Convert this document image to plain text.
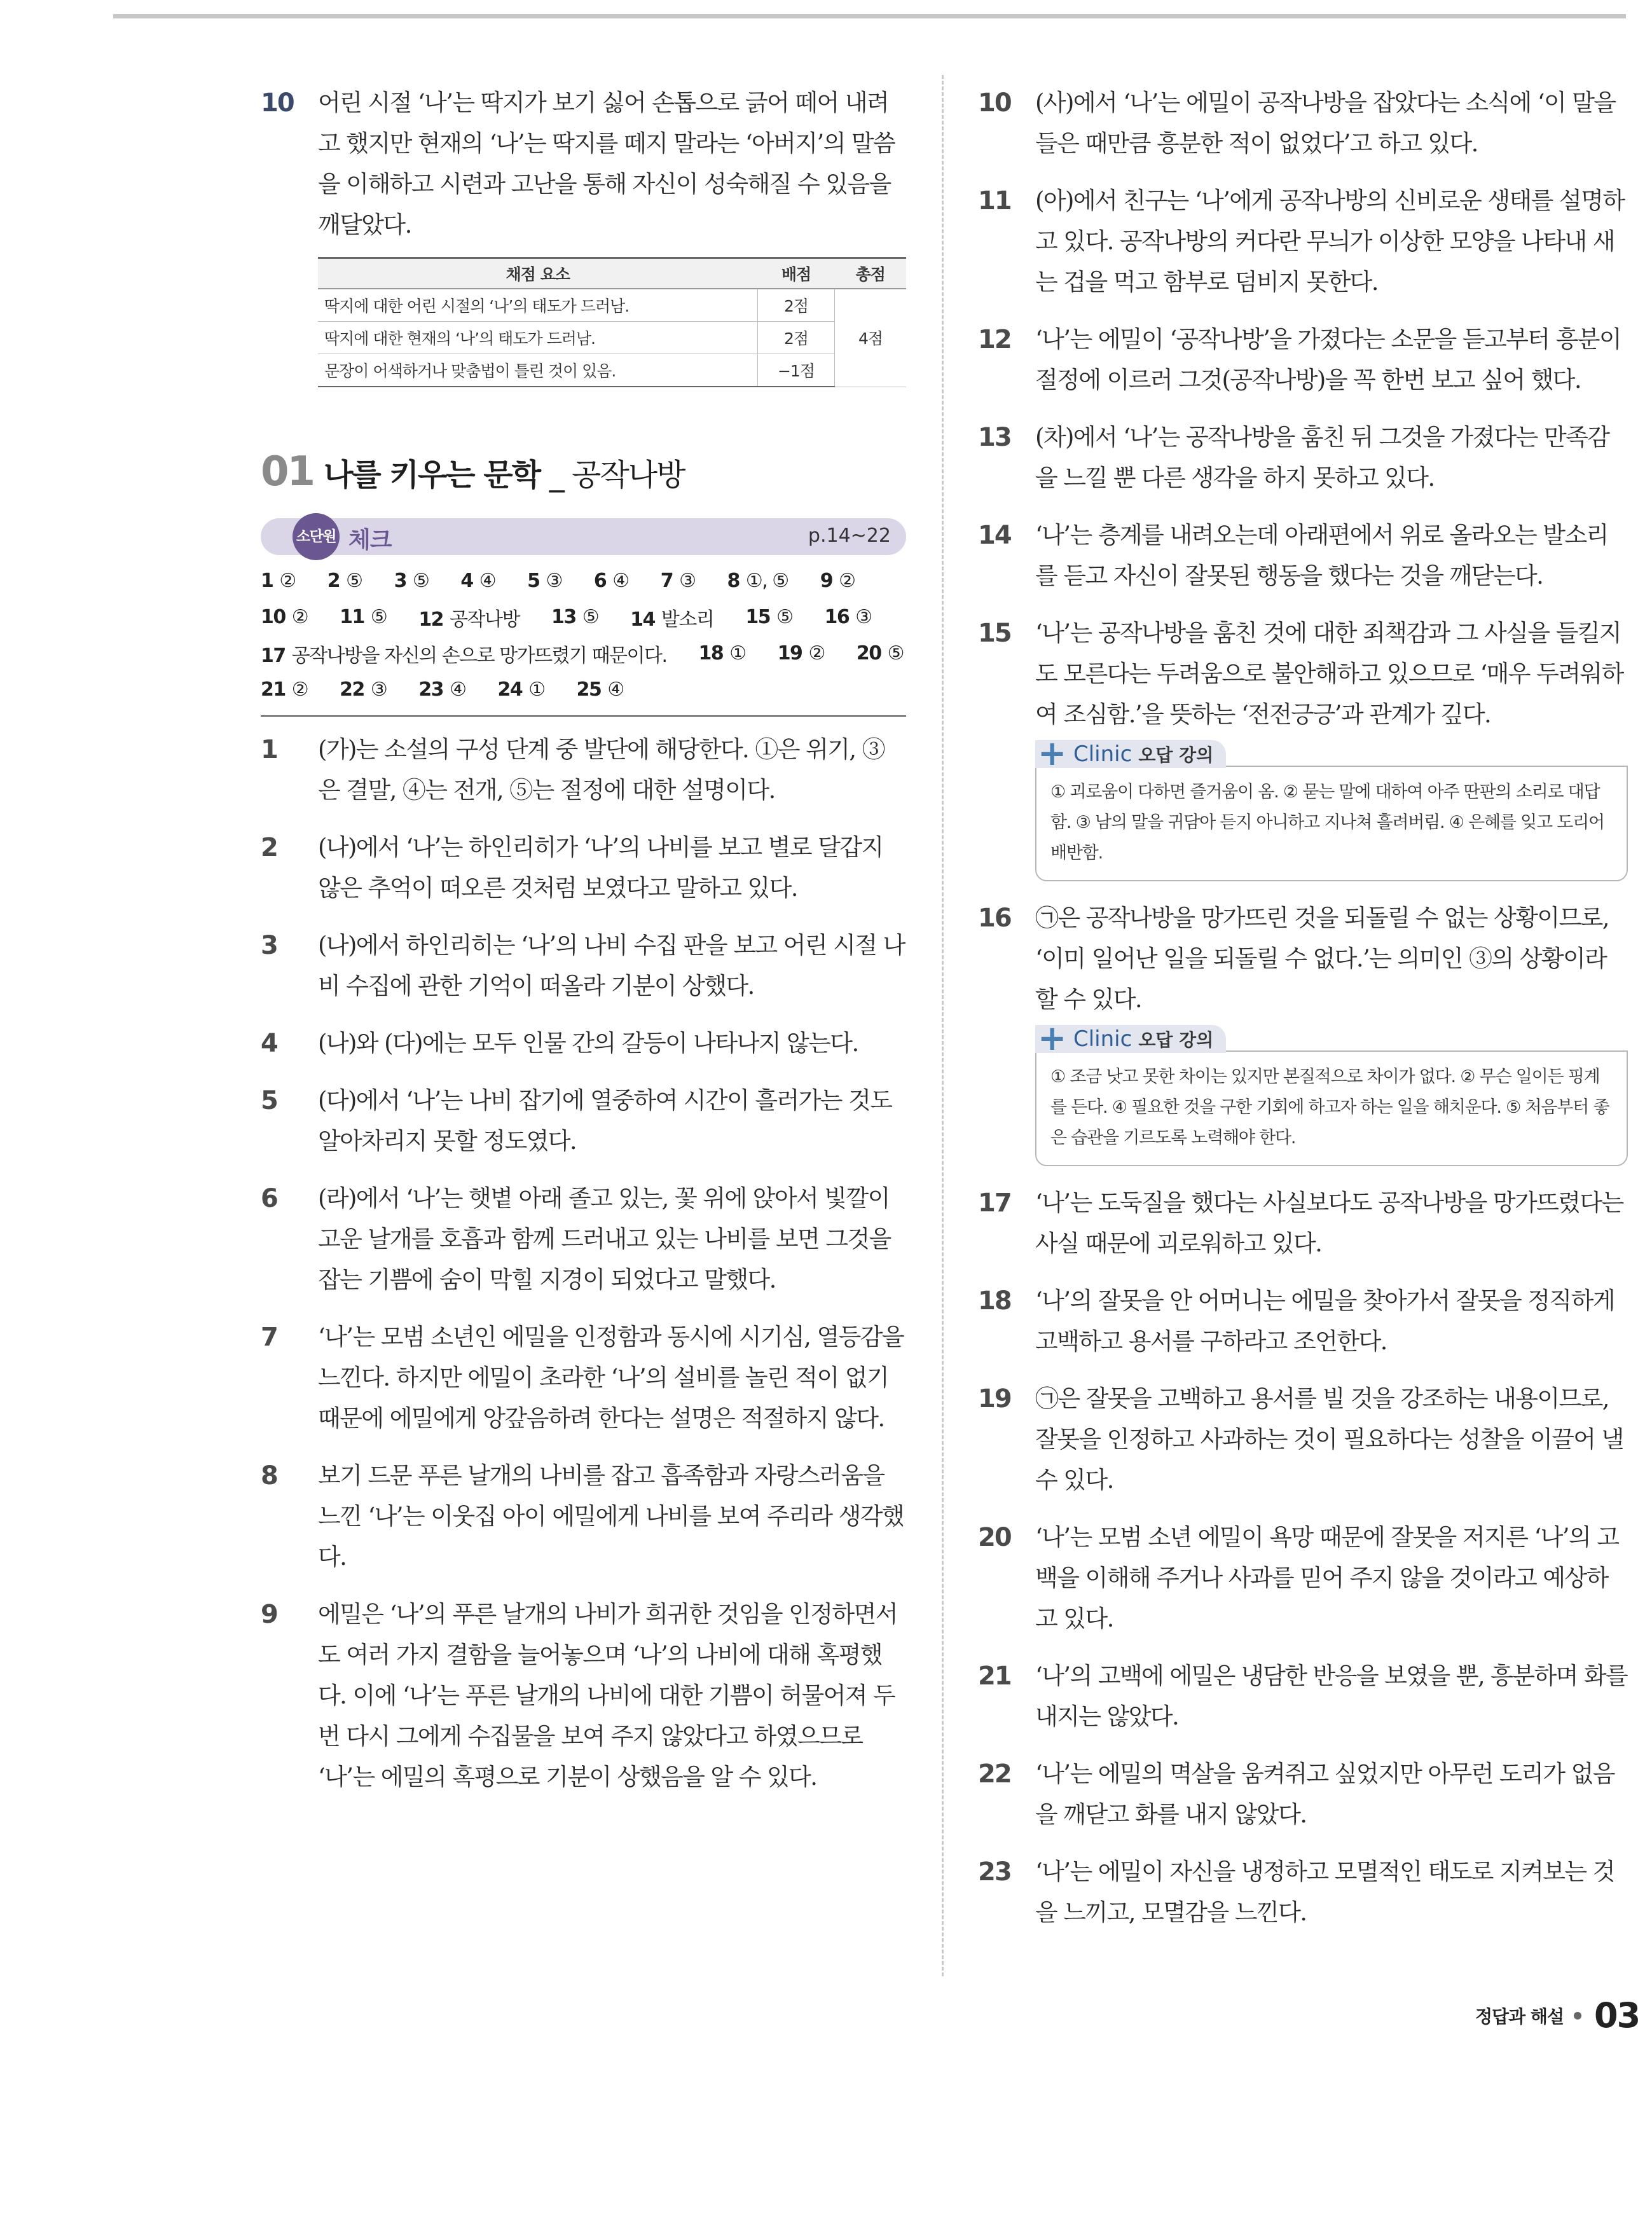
10 어린 시절 ‘나’는 딱지가 보기 싫어 손톱으로 긁어 떼어 내려 고 했지만 현재의 ‘나’는 딱지를 떼지 말라는 ‘아버지’의 말씀 을 이해하고 시련과 고난을 통해 자신이 성숙해질 수 있음을 깨달았다.

채점 요소	배점	총점
딱지에 대한 어린 시절의 ‘나’의 태도가 드러남.	2점	4점
딱지에 대한 현재의 ‘나’의 태도가 드러남.	2점	
문장이 어색하거나 맞춤법이 틀린 것이 있음.	−1점	
01 나를 키우는 문학 _ 공작나방
소단원 체크	p.14~22
1 ② 2 ⑤ 3 ⑤ 4 ④ 5 ③ 6 ④ 7 ③ 8 ①, ⑤ 9 ②
10 ② 11 ⑤ 12 공작나방 13 ⑤ 14 발소리 15 ⑤ 16 ③
17 공작나방을 자신의 손으로 망가뜨렸기 때문이다. 18 ① 19 ② 20 ⑤
21 ② 22 ③ 23 ④ 24 ① 25 ④
1 (가)는 소설의 구성 단계 중 발단에 해당한다. ①은 위기, ③은 결말, ④는 전개, ⑤는 절정에 대한 설명이다.

2 (나)에서 ‘나’는 하인리히가 ‘나’의 나비를 보고 별로 달갑지 않은 추억이 떠오른 것처럼 보였다고 말하고 있다.

3 (나)에서 하인리히는 ‘나’의 나비 수집 판을 보고 어린 시절 나비 수집에 관한 기억이 떠올라 기분이 상했다.

4 (나)와 (다)에는 모두 인물 간의 갈등이 나타나지 않는다.

5 (다)에서 ‘나’는 나비 잡기에 열중하여 시간이 흘러가는 것도 알아차리지 못할 정도였다.

6 (라)에서 ‘나’는 햇볕 아래 졸고 있는, 꽃 위에 앉아서 빛깔이 고운 날개를 호흡과 함께 드러내고 있는 나비를 보면 그것을 잡는 기쁨에 숨이 막힐 지경이 되었다고 말했다.

7 ‘나’는 모범 소년인 에밀을 인정함과 동시에 시기심, 열등감을 느낀다. 하지만 에밀이 초라한 ‘나’의 설비를 놀린 적이 없기 때문에 에밀에게 앙갚음하려 한다는 설명은 적절하지 않다.

8 보기 드문 푸른 날개의 나비를 잡고 흡족함과 자랑스러움을 느낀 ‘나’는 이웃집 아이 에밀에게 나비를 보여 주리라 생각했다.

9 에밀은 ‘나’의 푸른 날개의 나비가 희귀한 것임을 인정하면서도 여러 가지 결함을 늘어놓으며 ‘나’의 나비에 대해 혹평했다. 이에 ‘나’는 푸른 날개의 나비에 대한 기쁨이 허물어져 두 번 다시 그에게 수집물을 보여 주지 않았다고 하였으므로 ‘나’는 에밀의 혹평으로 기분이 상했음을 알 수 있다.

10 (사)에서 ‘나’는 에밀이 공작나방을 잡았다는 소식에 ‘이 말을 들은 때만큼 흥분한 적이 없었다’고 하고 있다.

11 (아)에서 친구는 ‘나’에게 공작나방의 신비로운 생태를 설명하고 있다. 공작나방의 커다란 무늬가 이상한 모양을 나타내 새는 겁을 먹고 함부로 덤비지 못한다.

12 ‘나’는 에밀이 ‘공작나방’을 가졌다는 소문을 듣고부터 흥분이 절정에 이르러 그것(공작나방)을 꼭 한번 보고 싶어 했다.

13 (차)에서 ‘나’는 공작나방을 훔친 뒤 그것을 가졌다는 만족감을 느낄 뿐 다른 생각을 하지 못하고 있다.

14 ‘나’는 층계를 내려오는데 아래편에서 위로 올라오는 발소리를 듣고 자신이 잘못된 행동을 했다는 것을 깨닫는다.

15 ‘나’는 공작나방을 훔친 것에 대한 죄책감과 그 사실을 들킬지도 모른다는 두려움으로 불안해하고 있으므로 ‘매우 두려워하여 조심함.’을 뜻하는 ‘전전긍긍’과 관계가 깊다.

+ Clinic 오답 강의
① 괴로움이 다하면 즐거움이 옴. ② 묻는 말에 대하여 아주 딴판의 소리로 대답함. ③ 남의 말을 귀담아 듣지 아니하고 지나쳐 흘려버림. ④ 은혜를 잊고 도리어 배반함.
16 ㉠은 공작나방을 망가뜨린 것을 되돌릴 수 없는 상황이므로, ‘이미 일어난 일을 되돌릴 수 없다.’는 의미인 ③의 상황이라 할 수 있다.

+ Clinic 오답 강의
① 조금 낫고 못한 차이는 있지만 본질적으로 차이가 없다. ② 무슨 일이든 핑계를 든다. ④ 필요한 것을 구한 기회에 하고자 하는 일을 해치운다. ⑤ 처음부터 좋은 습관을 기르도록 노력해야 한다.
17 ‘나’는 도둑질을 했다는 사실보다도 공작나방을 망가뜨렸다는 사실 때문에 괴로워하고 있다.

18 ‘나’의 잘못을 안 어머니는 에밀을 찾아가서 잘못을 정직하게 고백하고 용서를 구하라고 조언한다.

19 ㉠은 잘못을 고백하고 용서를 빌 것을 강조하는 내용이므로, 잘못을 인정하고 사과하는 것이 필요하다는 성찰을 이끌어 낼 수 있다.

20 ‘나’는 모범 소년 에밀이 욕망 때문에 잘못을 저지른 ‘나’의 고백을 이해해 주거나 사과를 믿어 주지 않을 것이라고 예상하고 있다.

21 ‘나’의 고백에 에밀은 냉담한 반응을 보였을 뿐, 흥분하며 화를 내지는 않았다.

22 ‘나’는 에밀의 멱살을 움켜쥐고 싶었지만 아무런 도리가 없음을 깨닫고 화를 내지 않았다.

23 ‘나’는 에밀이 자신을 냉정하고 모멸적인 태도로 지켜보는 것을 느끼고, 모멸감을 느낀다.

정답과 해설 03
